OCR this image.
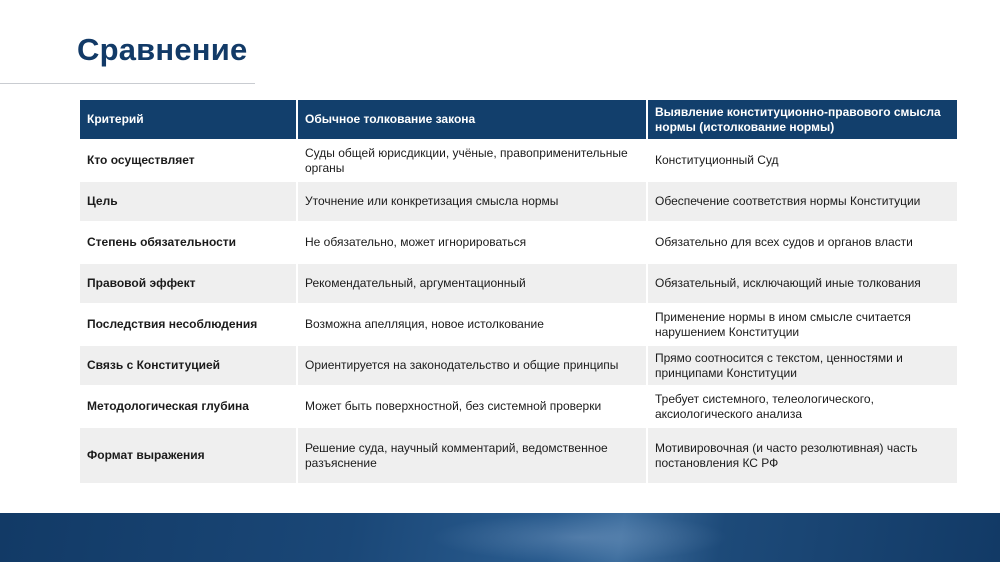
Сравнение
Критерий	Обычное толкование закона	Выявление конституционно-правового смысла нормы (истолкование нормы)
Кто осуществляет	Суды общей юрисдикции, учёные, правоприменительные органы	Конституционный Суд
Цель	Уточнение или конкретизация смысла нормы	Обеспечение соответствия нормы Конституции
Степень обязательности	Не обязательно, может игнорироваться	Обязательно для всех судов и органов власти
Правовой эффект	Рекомендательный, аргументационный	Обязательный, исключающий иные толкования
Последствия несоблюдения	Возможна апелляция, новое истолкование	Применение нормы в ином смысле считается нарушением Конституции
Связь с Конституцией	Ориентируется на законодательство и общие принципы	Прямо соотносится с текстом, ценностями и принципами Конституции
Методологическая глубина	Может быть поверхностной, без системной проверки	Требует системного, телеологического, аксиологического анализа
Формат выражения	Решение суда, научный комментарий, ведомственное разъяснение	Мотивировочная (и часто резолютивная) часть постановления КС РФ
